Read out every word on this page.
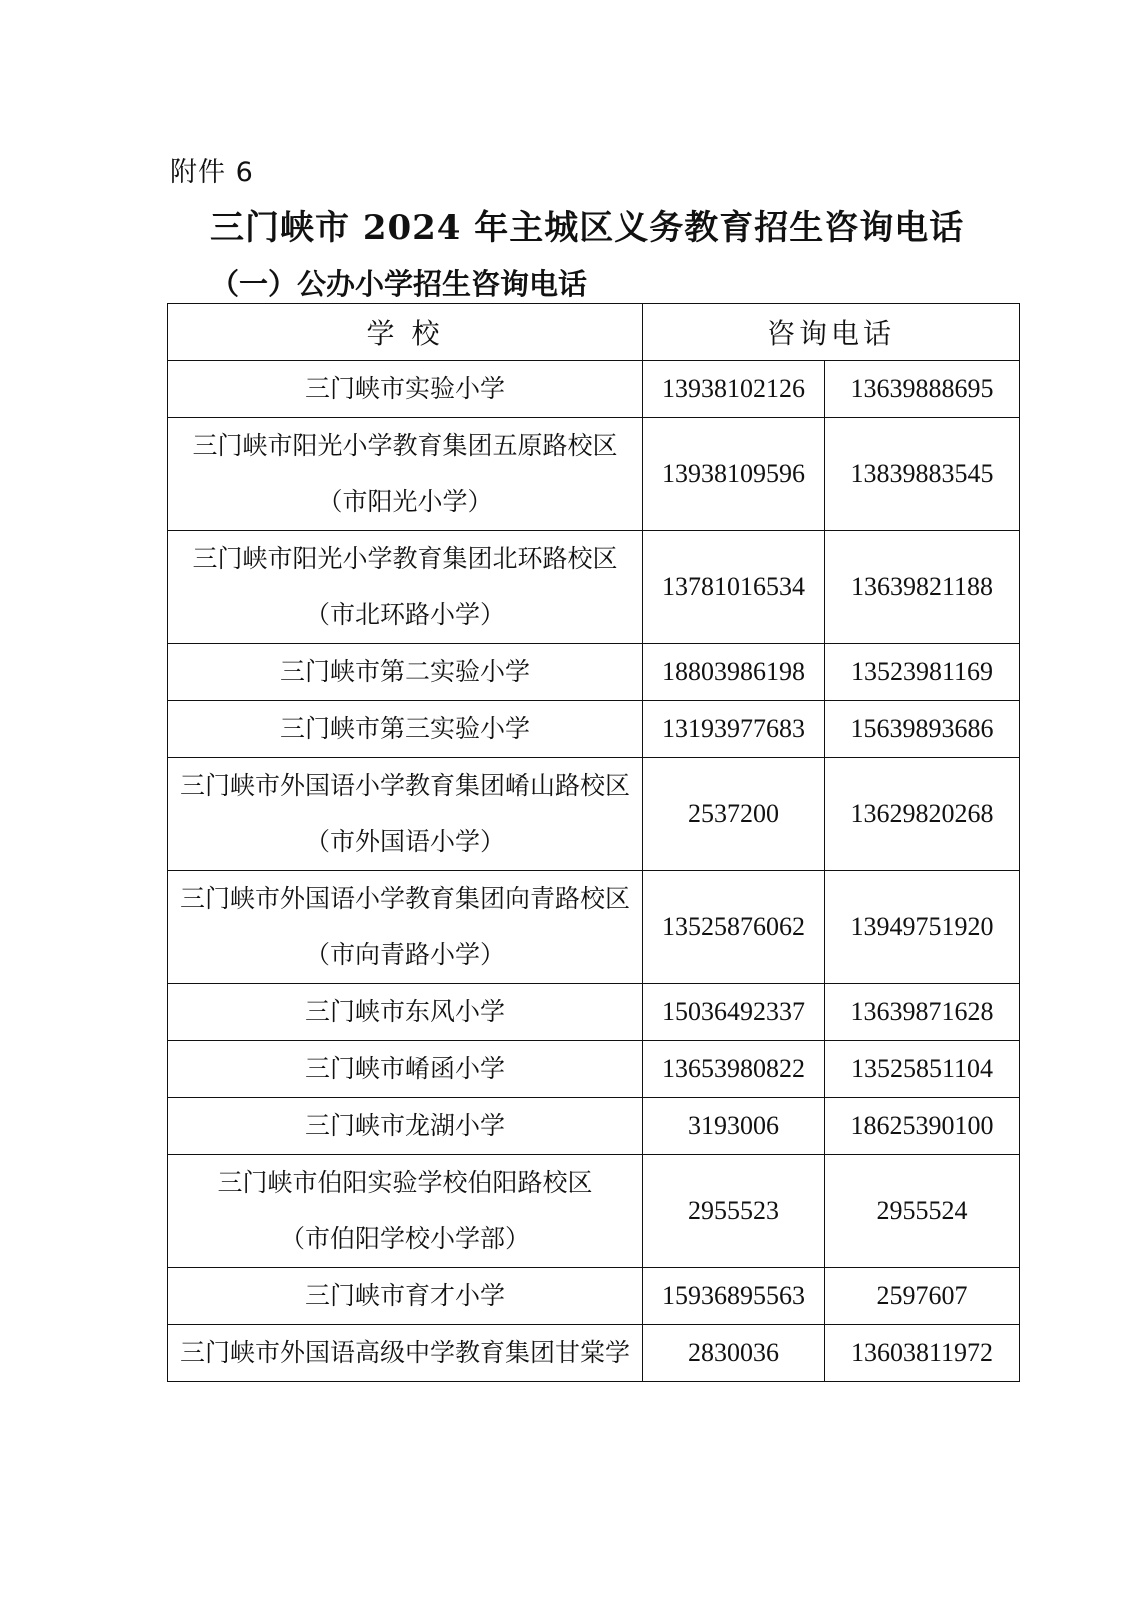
附件 6
三门峡市 2024 年主城区义务教育招生咨询电话
（一）公办小学招生咨询电话
学 校	咨询电话	

三门峡市实验小学	13938102126	13639888695

三门峡市阳光小学教育集团五原路校区
（市阳光小学）	13938109596	13839883545

三门峡市阳光小学教育集团北环路校区
（市北环路小学）	13781016534	13639821188

三门峡市第二实验小学	18803986198	13523981169

三门峡市第三实验小学	13193977683	15639893686

三门峡市外国语小学教育集团崤山路校区
（市外国语小学）	2537200	13629820268

三门峡市外国语小学教育集团向青路校区
（市向青路小学）	13525876062	13949751920

三门峡市东风小学	15036492337	13639871628

三门峡市崤函小学	13653980822	13525851104

三门峡市龙湖小学	3193006	18625390100

三门峡市伯阳实验学校伯阳路校区
（市伯阳学校小学部）	2955523	2955524

三门峡市育才小学	15936895563	2597607

三门峡市外国语高级中学教育集团甘棠学	2830036	13603811972
